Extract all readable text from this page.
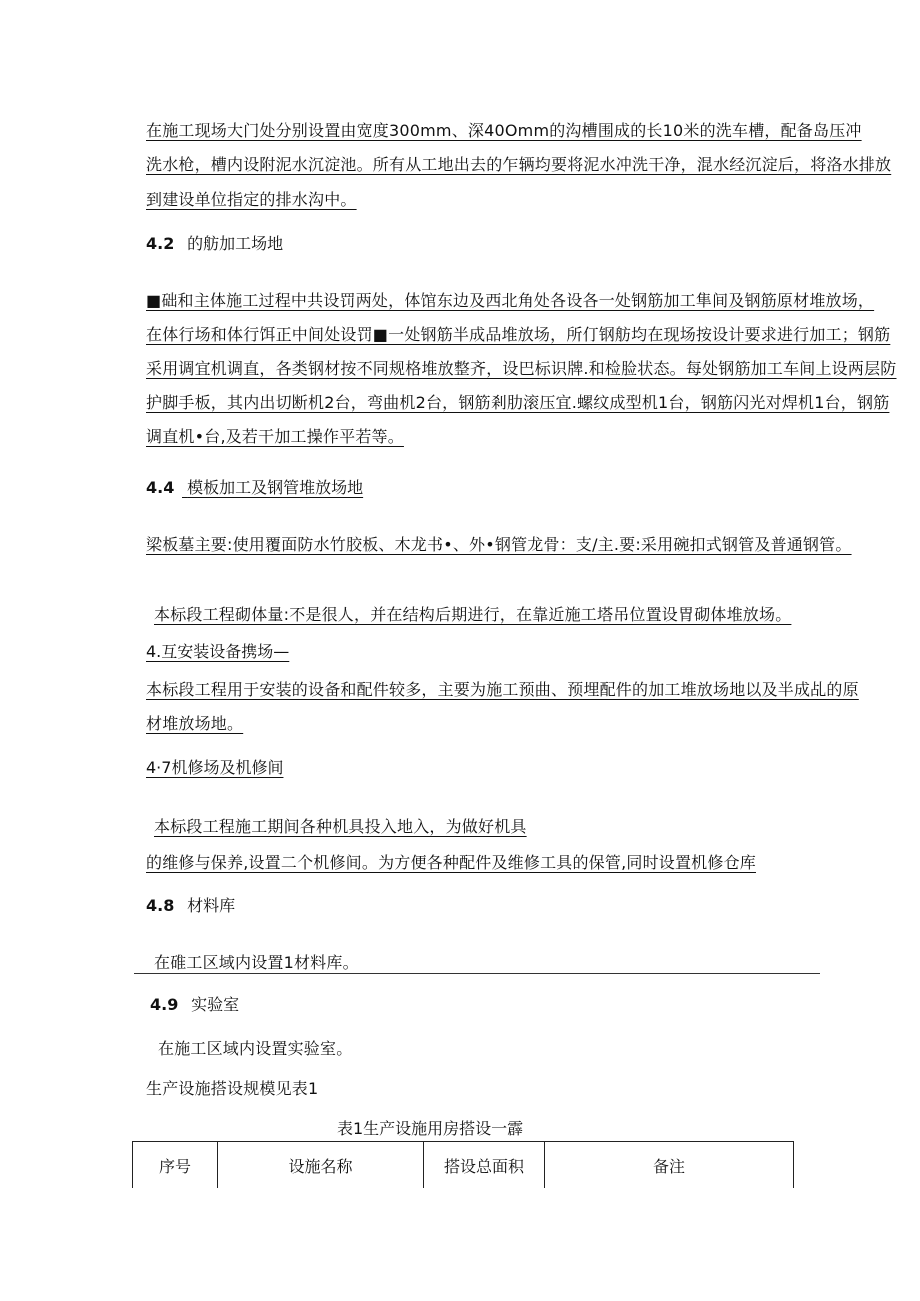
在施工现场大门处分别设置由宽度300mm、深40Omm的沟槽围成的长10米的洗车槽，配备岛压冲
洗水枪，槽内设附泥水沉淀池。所有从工地出去的乍辆均要将泥水冲洗干净，混水经沉淀后，将洛水排放
到建设单位指定的排水沟中。
4.2 的舫加工场地
■础和主体施工过程中共设罚两处，体馆东边及西北角处各设各一处钢筋加工隼间及钢筋原材堆放场，
在体行场和体行饵正中间处设罚■一处钢筋半成品堆放场，所仃钢舫均在现场按设计要求进行加工；钢筋
采用调宜机调直，各类钢材按不同规格堆放整齐，设巴标识牌.和检脸状态。每处钢筋加工车间上设两层防
护脚手板，其内出切断机2台，弯曲机2台，钢筋剎肋滚压宜.螺纹成型机1台，钢筋闪光对焊机1台，钢筋
调直机•台,及若干加工操作平若等。
4.4 模板加工及钢管堆放场地
梁板墓主要:使用覆面防水竹胶板、木龙书•、外•钢管龙骨：支/主.要:采用碗扣式钢管及普通钢管。
本标段工程砌体量:不是很人，并在结构后期进行，在靠近施工塔吊位置设胃砌体堆放场。
4.互安装设备携场—
本标段工程用于安装的设备和配件较多，主要为施工预曲、预埋配件的加工堆放场地以及半成乩的原
材堆放场地。
4·7机修场及机修间
本标段工程施工期间各种机具投入地入，为做好机具
的维修与保养,设置二个机修间。为方便各种配件及维修工具的保管,同时设置机修仓库
4.8 材料库
在碓工区域内设置1材料库。
4.9 实验室
在施工区域内设置实验室。
生产设施搭设规模见表1
表1生产设施用房搭设一霹
序号	设施名称	搭设总面积	备注
